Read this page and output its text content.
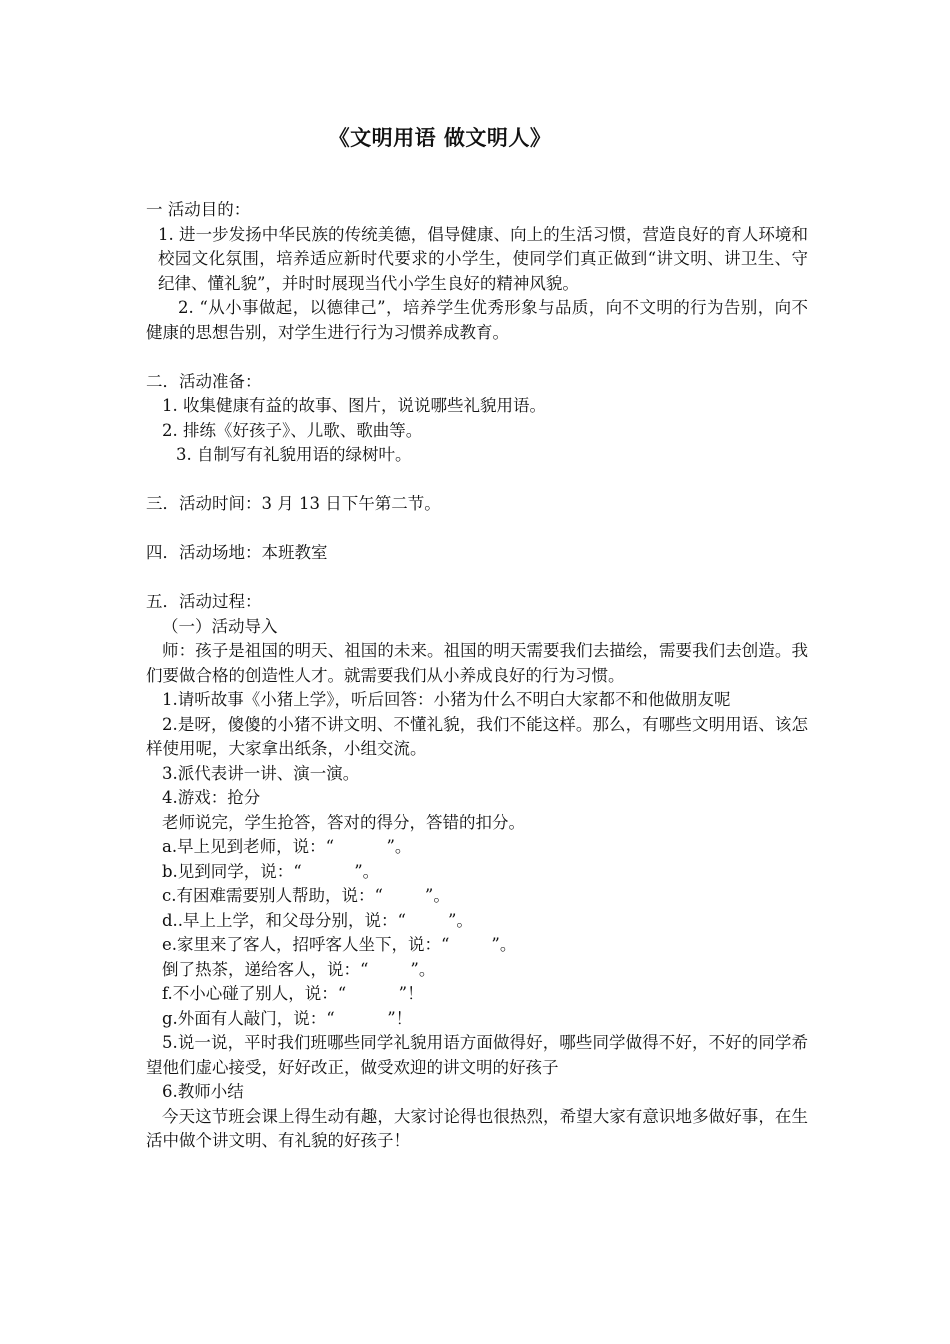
《文明用语 做文明人》
一 活动目的：
1. 进一步发扬中华民族的传统美德，倡导健康、向上的生活习惯，营造良好的育人环境和校园文化氛围，培养适应新时代要求的小学生，使同学们真正做到“讲文明、讲卫生、守纪律、懂礼貌”，并时时展现当代小学生良好的精神风貌。
2. “从小事做起，以德律己”，培养学生优秀形象与品质，向不文明的行为告别，向不健康的思想告别，对学生进行行为习惯养成教育。
二．活动准备：
1. 收集健康有益的故事、图片，说说哪些礼貌用语。
2. 排练《好孩子》、儿歌、歌曲等。
3. 自制写有礼貌用语的绿树叶。
三．活动时间：3 月 13 日下午第二节。
四．活动场地：本班教室
五．活动过程：
（一）活动导入
师：孩子是祖国的明天、祖国的未来。祖国的明天需要我们去描绘，需要我们去创造。我们要做合格的创造性人才。就需要我们从小养成良好的行为习惯。
1.请听故事《小猪上学》，听后回答：小猪为什么不明白大家都不和他做朋友呢
2.是呀，傻傻的小猪不讲文明、不懂礼貌，我们不能这样。那么，有哪些文明用语、该怎样使用呢，大家拿出纸条，小组交流。
3.派代表讲一讲、演一演。
4.游戏：抢分
老师说完，学生抢答，答对的得分，答错的扣分。
a.早上见到老师，说：“          ”。
b.见到同学，说：“          ”。
c.有困难需要别人帮助，说：“        ”。
d..早上上学，和父母分别，说：“        ”。
e.家里来了客人，招呼客人坐下，说：“        ”。
倒了热茶，递给客人，说：“        ”。
f.不小心碰了别人，说：“          ”！
g.外面有人敲门，说：“          ”！
5.说一说，平时我们班哪些同学礼貌用语方面做得好，哪些同学做得不好，不好的同学希望他们虚心接受，好好改正，做受欢迎的讲文明的好孩子
6.教师小结
今天这节班会课上得生动有趣，大家讨论得也很热烈，希望大家有意识地多做好事，在生活中做个讲文明、有礼貌的好孩子！
